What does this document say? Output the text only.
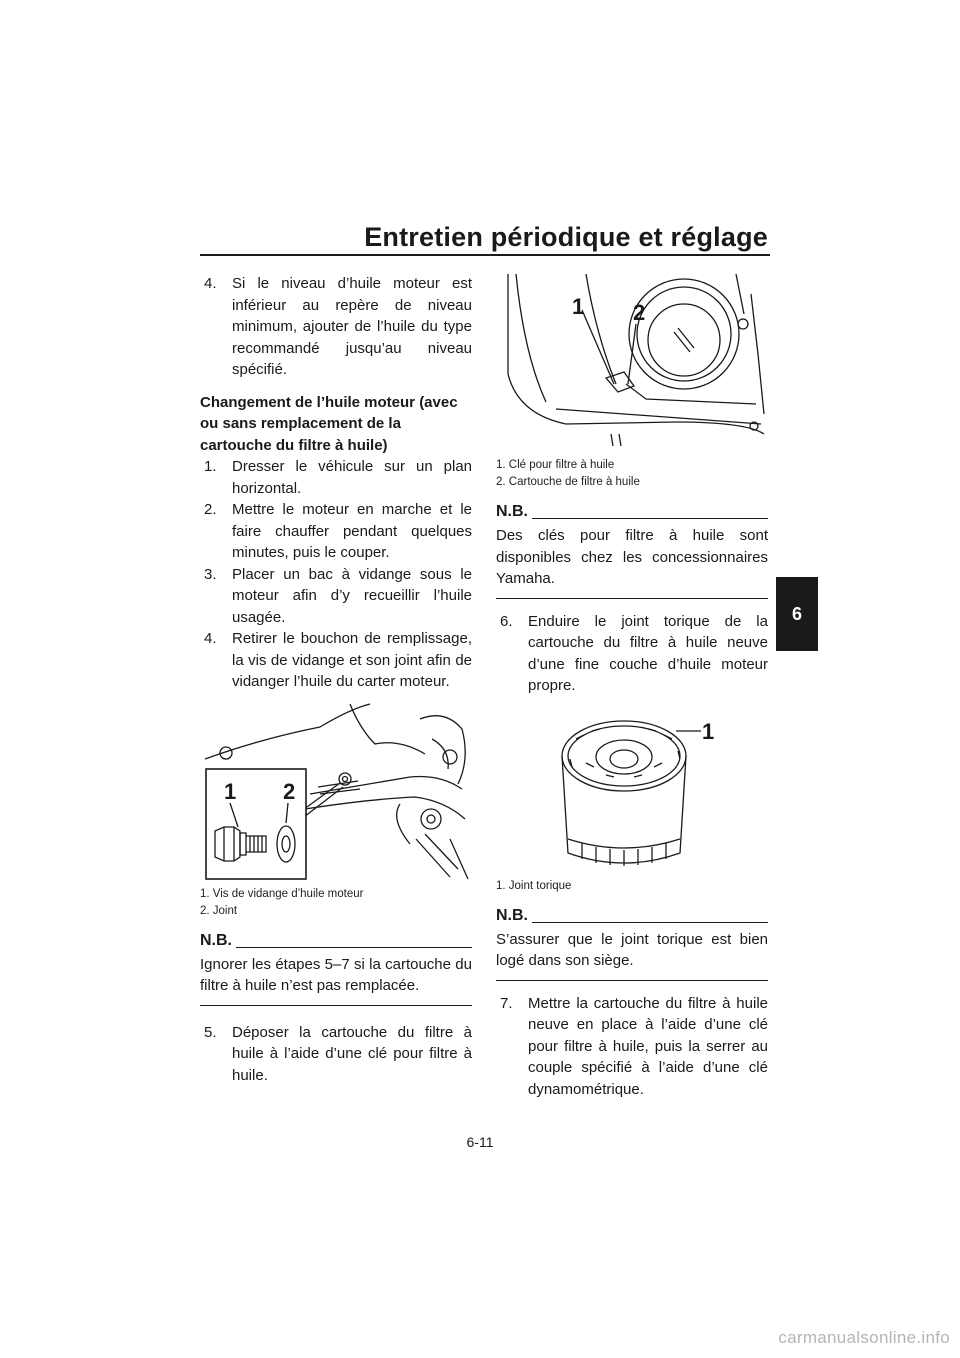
Entretien périodique et réglage
6
4. Si le niveau d’huile moteur est inférieur au repère de niveau minimum, ajouter de l’huile du type recommandé jusqu’au niveau spécifié.
Changement de l’huile moteur (avec ou sans remplacement de la cartouche du filtre à huile)
1. Dresser le véhicule sur un plan horizontal.
2. Mettre le moteur en marche et le faire chauffer pendant quelques minutes, puis le couper.
3. Placer un bac à vidange sous le moteur afin d’y recueillir l’huile usagée.
4. Retirer le bouchon de remplissage, la vis de vidange et son joint afin de vidanger l’huile du carter moteur.
1 2
1. Vis de vidange d’huile moteur
2. Joint
N.B.
Ignorer les étapes 5–7 si la cartouche du filtre à huile n’est pas remplacée.
5. Déposer la cartouche du filtre à huile à l’aide d’une clé pour filtre à huile.
1 2
1. Clé pour filtre à huile
2. Cartouche de filtre à huile
N.B.
Des clés pour filtre à huile sont disponibles chez les concessionnaires Yamaha.
6. Enduire le joint torique de la cartouche du filtre à huile neuve d’une fine couche d’huile moteur propre.
1
1. Joint torique
N.B.
S’assurer que le joint torique est bien logé dans son siège.
7. Mettre la cartouche du filtre à huile neuve en place à l’aide d’une clé pour filtre à huile, puis la serrer au couple spécifié à l’aide d’une clé dynamométrique.
6-11
carmanualsonline.info
